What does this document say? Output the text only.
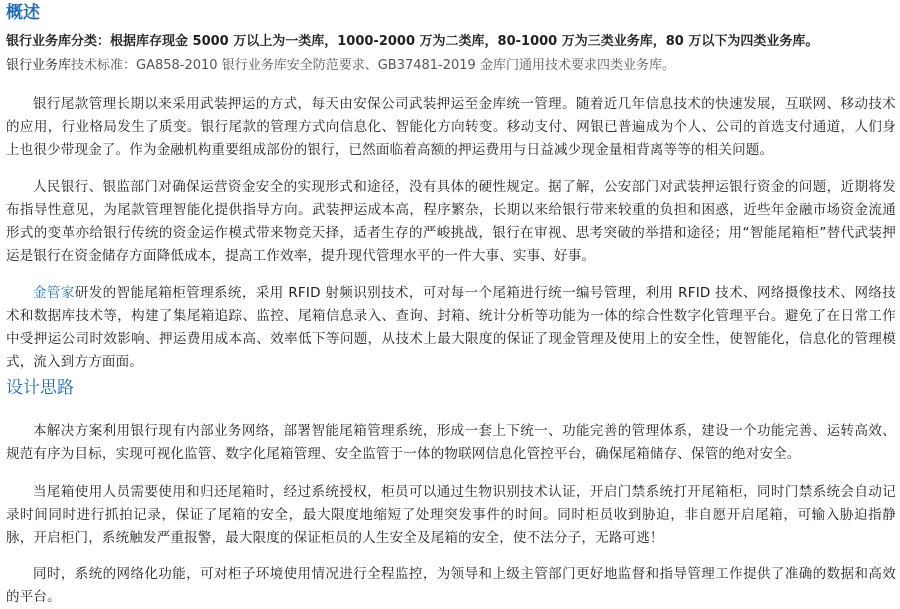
概述
银行业务库分类：根据库存现金 5000 万以上为一类库，1000-2000 万为二类库，80-1000 万为三类业务库，80 万以下为四类业务库。
银行业务库技术标准：GA858-2010 银行业务库安全防范要求、GB37481-2019 金库门通用技术要求四类业务库。

银行尾款管理长期以来采用武装押运的方式，每天由安保公司武装押运至金库统一管理。随着近几年信息技术的快速发展，互联网、移动技术的应用，行业格局发生了质变。银行尾款的管理方式向信息化、智能化方向转变。移动支付、网银已普遍成为个人、公司的首选支付通道，人们身上也很少带现金了。作为金融机构重要组成部份的银行，已然面临着高额的押运费用与日益减少现金量相背离等等的相关问题。

人民银行、银监部门对确保运营资金安全的实现形式和途径，没有具体的硬性规定。据了解，公安部门对武装押运银行资金的问题，近期将发布指导性意见，为尾款管理智能化提供指导方向。武装押运成本高，程序繁杂，长期以来给银行带来较重的负担和困惑，近些年金融市场资金流通形式的变革亦给银行传统的资金运作模式带来物竞天择，适者生存的严峻挑战，银行在审视、思考突破的举措和途径；用“智能尾箱柜”替代武装押运是银行在资金储存方面降低成本，提高工作效率，提升现代管理水平的一件大事、实事、好事。

金管家研发的智能尾箱柜管理系统，采用 RFID 射频识别技术，可对每一个尾箱进行统一编号管理，利用 RFID 技术、网络摄像技术、网络技术和数据库技术等，构建了集尾箱追踪、监控、尾箱信息录入、查询、封箱、统计分析等功能为一体的综合性数字化管理平台。避免了在日常工作中受押运公司时效影响、押运费用成本高、效率低下等问题，从技术上最大限度的保证了现金管理及使用上的安全性，使智能化，信息化的管理模式，流入到方方面面。

设计思路

本解决方案利用银行现有内部业务网络，部署智能尾箱管理系统，形成一套上下统一、功能完善的管理体系，建设一个功能完善、运转高效、规范有序为目标，实现可视化监管、数字化尾箱管理、安全监管于一体的物联网信息化管控平台，确保尾箱储存、保管的绝对安全。

当尾箱使用人员需要使用和归还尾箱时，经过系统授权，柜员可以通过生物识别技术认证，开启门禁系统打开尾箱柜，同时门禁系统会自动记录时间同时进行抓拍记录，保证了尾箱的安全，最大限度地缩短了处理突发事件的时间。同时柜员收到胁迫，非自愿开启尾箱，可输入胁迫指静脉，开启柜门，系统触发严重报警，最大限度的保证柜员的人生安全及尾箱的安全，使不法分子，无路可逃！

同时，系统的网络化功能，可对柜子环境使用情况进行全程监控，为领导和上级主管部门更好地监督和指导管理工作提供了准确的数据和高效的平台。
